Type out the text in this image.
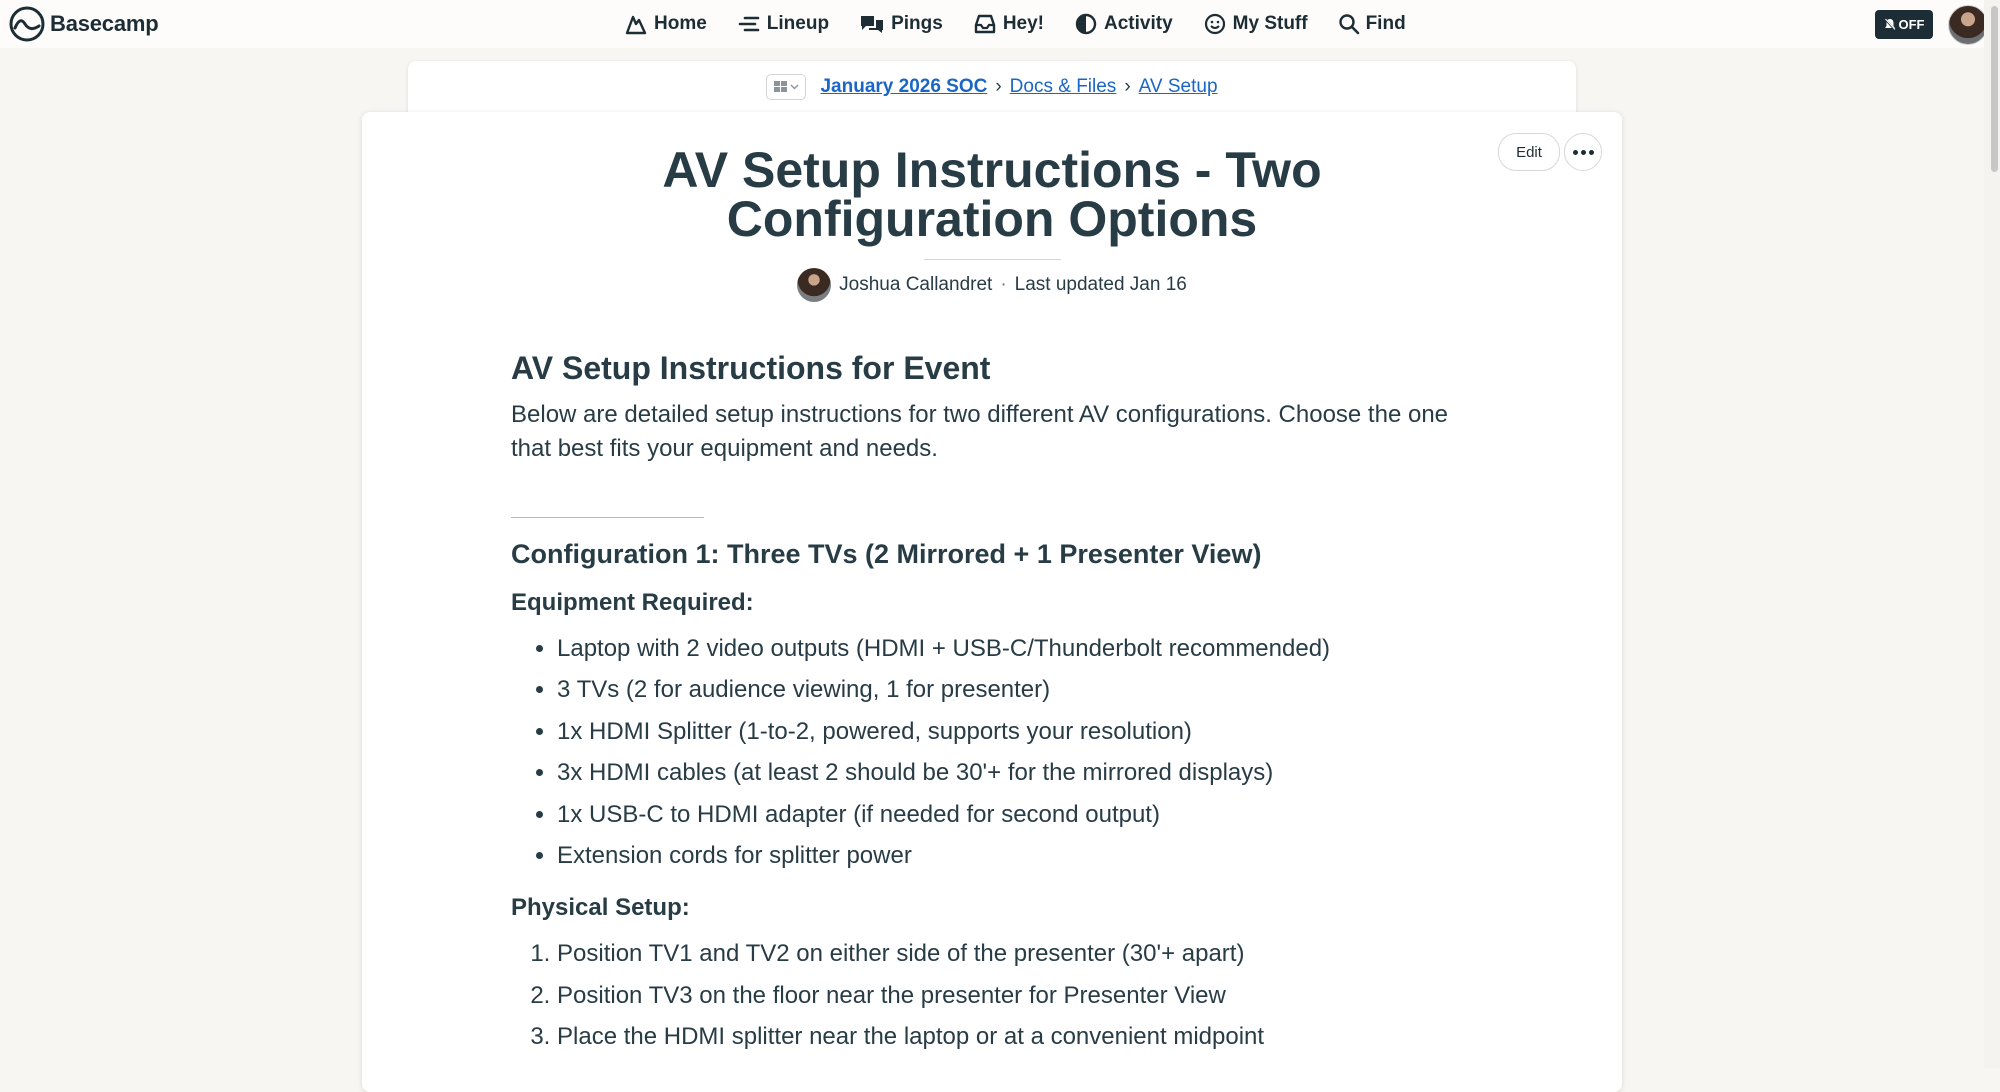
Basecamp	Home	Lineup	Pings	Hey!	Activity	My Stuff	Find	OFF
January 2026 SOC › Docs & Files › AV Setup
Edit
AV Setup Instructions - Two Configuration Options
Joshua Callandret · Last updated Jan 16
AV Setup Instructions for Event

Below are detailed setup instructions for two different AV configurations. Choose the one that best fits your equipment and needs.

Configuration 1: Three TVs (2 Mirrored + 1 Presenter View)
Equipment Required:
• Laptop with 2 video outputs (HDMI + USB-C/Thunderbolt recommended)
• 3 TVs (2 for audience viewing, 1 for presenter)
• 1x HDMI Splitter (1-to-2, powered, supports your resolution)
• 3x HDMI cables (at least 2 should be 30'+ for the mirrored displays)
• 1x USB-C to HDMI adapter (if needed for second output)
• Extension cords for splitter power
Physical Setup:
1. Position TV1 and TV2 on either side of the presenter (30'+ apart)
2. Position TV3 on the floor near the presenter for Presenter View
3. Place the HDMI splitter near the laptop or at a convenient midpoint
